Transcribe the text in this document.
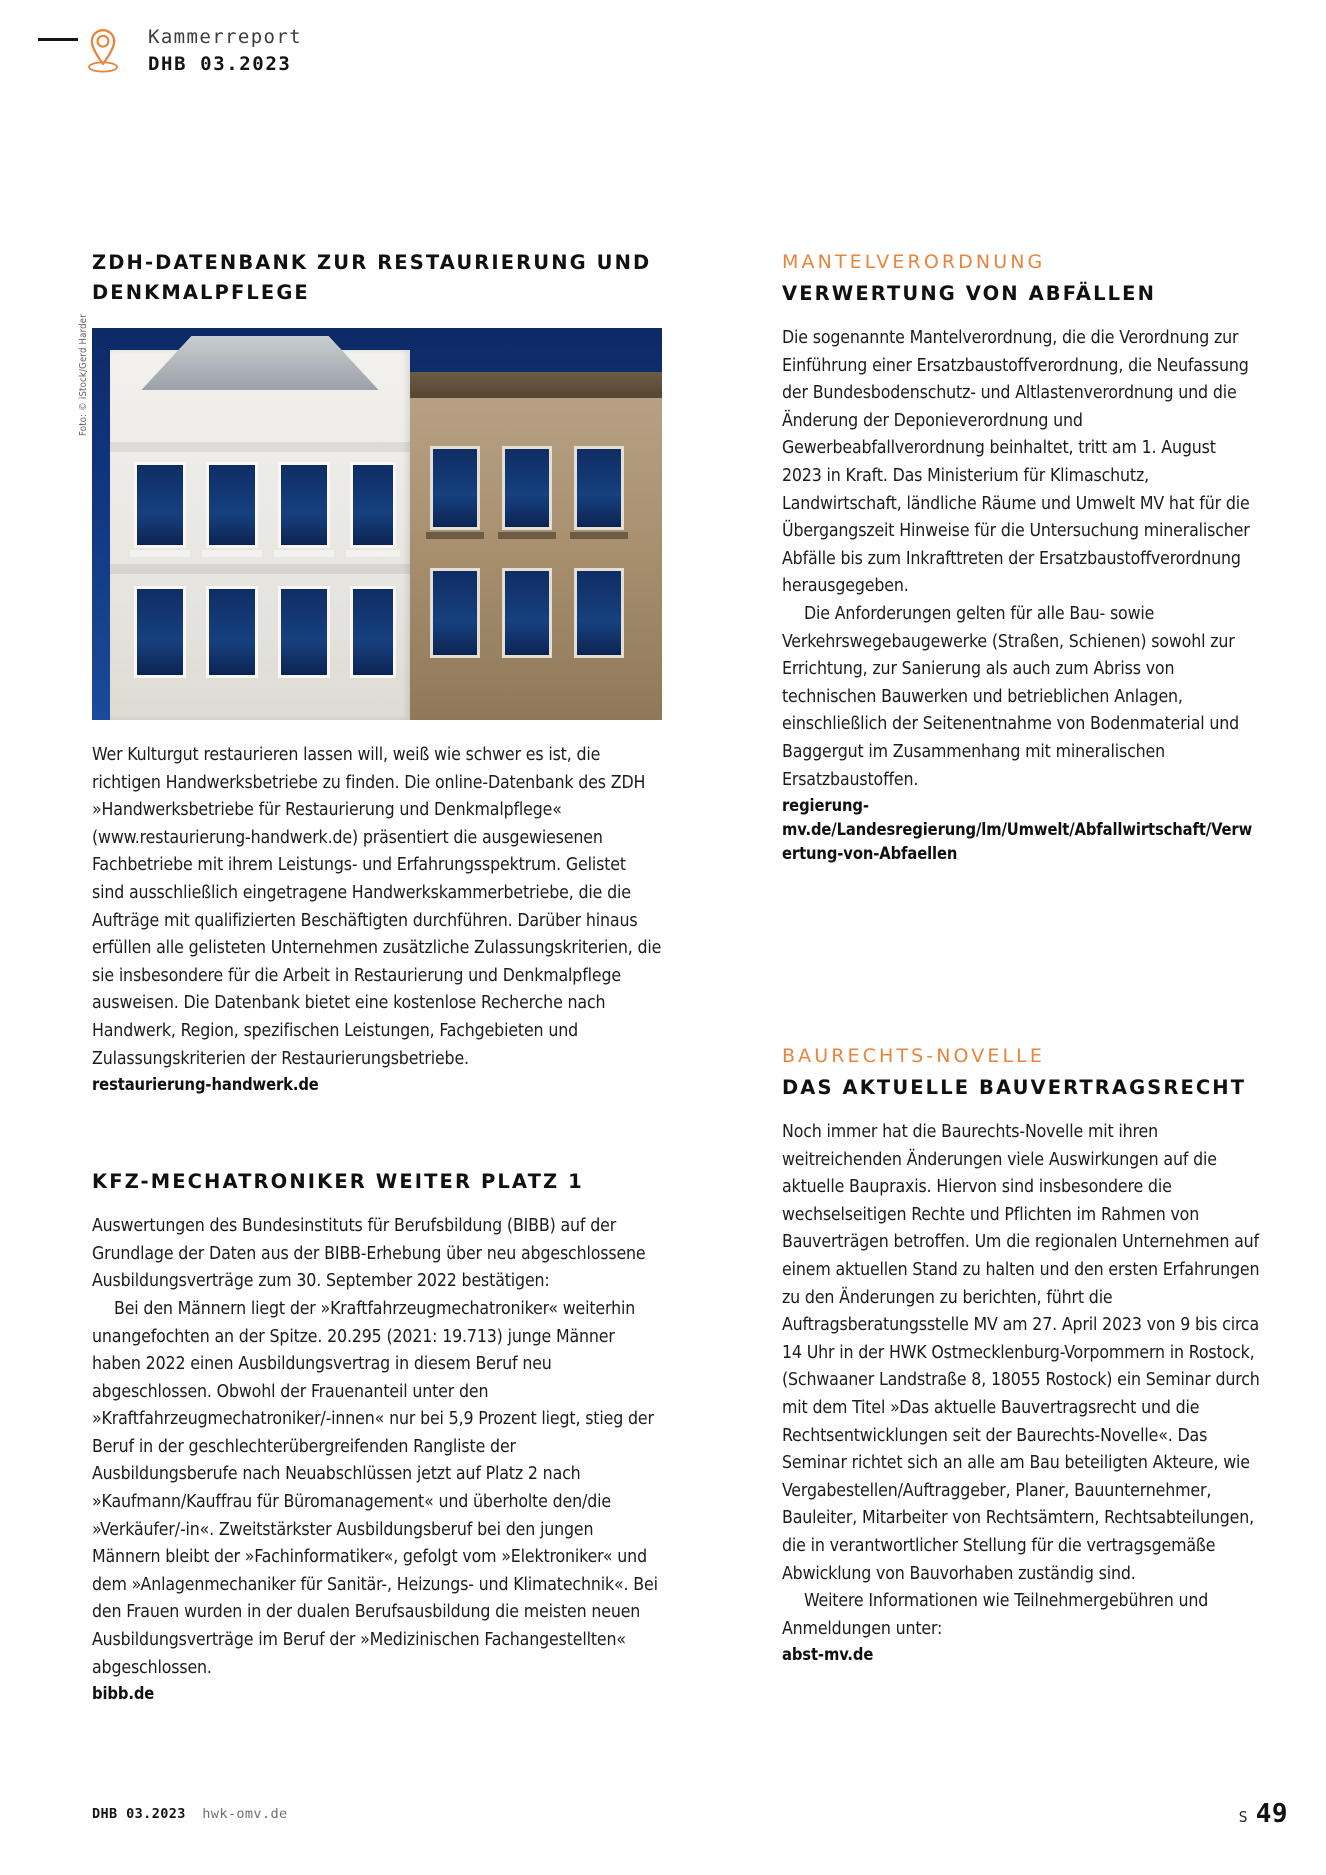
Kammerreport
DHB 03.2023
ZDH-DATENBANK ZUR RESTAURIERUNG UND DENKMALPFLEGE
Foto: © iStock/Gerd Harder

Wer Kulturgut restaurieren lassen will, weiß wie schwer es ist, die richtigen Handwerksbetriebe zu finden. Die online-Datenbank des ZDH »Handwerksbetriebe für Restaurierung und Denkmalpflege« (www.restaurierung-handwerk.de) präsentiert die ausgewiesenen Fachbetriebe mit ihrem Leistungs- und Erfahrungsspektrum. Gelistet sind ausschließlich eingetragene Handwerkskammerbetriebe, die die Aufträge mit qualifizierten Beschäftigten durchführen. Darüber hinaus erfüllen alle gelisteten Unternehmen zusätzliche Zulassungskriterien, die sie insbesondere für die Arbeit in Restaurierung und Denkmalpflege ausweisen. Die Datenbank bietet eine kostenlose Recherche nach Handwerk, Region, spezifischen Leistungen, Fachgebieten und Zulassungskriterien der Restaurierungsbetriebe.

restaurierung-handwerk.de

KFZ-MECHATRONIKER WEITER PLATZ 1

Auswertungen des Bundesinstituts für Berufsbildung (BIBB) auf der Grundlage der Daten aus der BIBB-Erhebung über neu abgeschlossene Ausbildungsverträge zum 30. September 2022 bestätigen:

Bei den Männern liegt der »Kraftfahrzeugmechatroniker« weiterhin unangefochten an der Spitze. 20.295 (2021: 19.713) junge Männer haben 2022 einen Ausbildungsvertrag in diesem Beruf neu abgeschlossen. Obwohl der Frauenanteil unter den »Kraftfahrzeugmechatroniker/-innen« nur bei 5,9 Prozent liegt, stieg der Beruf in der geschlechterübergreifenden Rangliste der Ausbildungsberufe nach Neuabschlüssen jetzt auf Platz 2 nach »Kaufmann/Kauffrau für Büromanagement« und überholte den/die »Verkäufer/-in«. Zweitstärkster Ausbildungsberuf bei den jungen Männern bleibt der »Fachinformatiker«, gefolgt vom »Elektroniker« und dem »Anlagenmechaniker für Sanitär-, Heizungs- und Klimatechnik«. Bei den Frauen wurden in der dualen Berufsausbildung die meisten neuen Ausbildungsverträge im Beruf der »Medizinischen Fachangestellten« abgeschlossen.

bibb.de

MANTELVERORDNUNG
VERWERTUNG VON ABFÄLLEN

Die sogenannte Mantelverordnung, die die Verordnung zur Einführung einer Ersatzbaustoffverordnung, die Neufassung der Bundesbodenschutz- und Altlastenverordnung und die Änderung der Deponieverordnung und Gewerbeabfallverordnung beinhaltet, tritt am 1. August 2023 in Kraft. Das Ministerium für Klimaschutz, Landwirtschaft, ländliche Räume und Umwelt MV hat für die Übergangszeit Hinweise für die Untersuchung mineralischer Abfälle bis zum Inkrafttreten der Ersatzbaustoffverordnung herausgegeben.

Die Anforderungen gelten für alle Bau- sowie Verkehrswegebaugewerke (Straßen, Schienen) sowohl zur Errichtung, zur Sanierung als auch zum Abriss von technischen Bauwerken und betrieblichen Anlagen, einschließlich der Seitenentnahme von Bodenmaterial und Baggergut im Zusammenhang mit mineralischen Ersatzbaustoffen.

regierung-mv.de/Landesregierung/lm/Umwelt/Abfallwirtschaft/Verwertung-von-Abfaellen

BAURECHTS-NOVELLE
DAS AKTUELLE BAUVERTRAGSRECHT

Noch immer hat die Baurechts-Novelle mit ihren weitreichenden Änderungen viele Auswirkungen auf die aktuelle Baupraxis. Hiervon sind insbesondere die wechselseitigen Rechte und Pflichten im Rahmen von Bauverträgen betroffen. Um die regionalen Unternehmen auf einem aktuellen Stand zu halten und den ersten Erfahrungen zu den Änderungen zu berichten, führt die Auftragsberatungsstelle MV am 27. April 2023 von 9 bis circa 14 Uhr in der HWK Ostmecklenburg-Vorpommern in Rostock, (Schwaaner Landstraße 8, 18055 Rostock) ein Seminar durch mit dem Titel »Das aktuelle Bauvertragsrecht und die Rechtsentwicklungen seit der Baurechts-Novelle«. Das Seminar richtet sich an alle am Bau beteiligten Akteure, wie Vergabestellen/Auftraggeber, Planer, Bauunternehmer, Bauleiter, Mitarbeiter von Rechtsämtern, Rechtsabteilungen, die in verantwortlicher Stellung für die vertragsgemäße Abwicklung von Bauvorhaben zuständig sind.

Weitere Informationen wie Teilnehmergebühren und Anmeldungen unter:

abst-mv.de

DHB 03.2023 hwk-omv.de	S 49
